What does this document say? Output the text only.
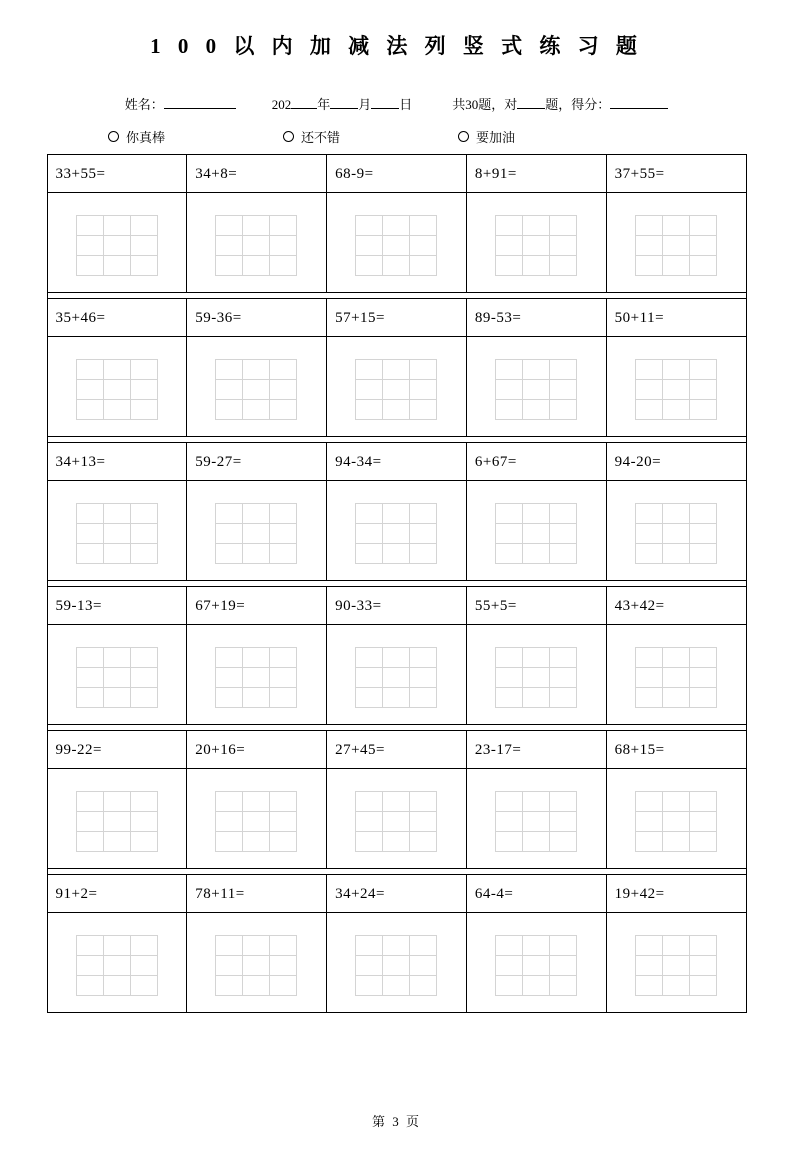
1 0 0 以 内 加 减 法 列 竖 式 练 习 题
姓名：	202 年 月 日	共30题，对 题，得分：
你真棒	还不错	要加油
33+55=	34+8=	68-9=	8+91=	37+55=

35+46=	59-36=	57+15=	89-53=	50+11=

34+13=	59-27=	94-34=	6+67=	94-20=

59-13=	67+19=	90-33=	55+5=	43+42=

99-22=	20+16=	27+45=	23-17=	68+15=

91+2=	78+11=	34+24=	64-4=	19+42=

第 3 页
